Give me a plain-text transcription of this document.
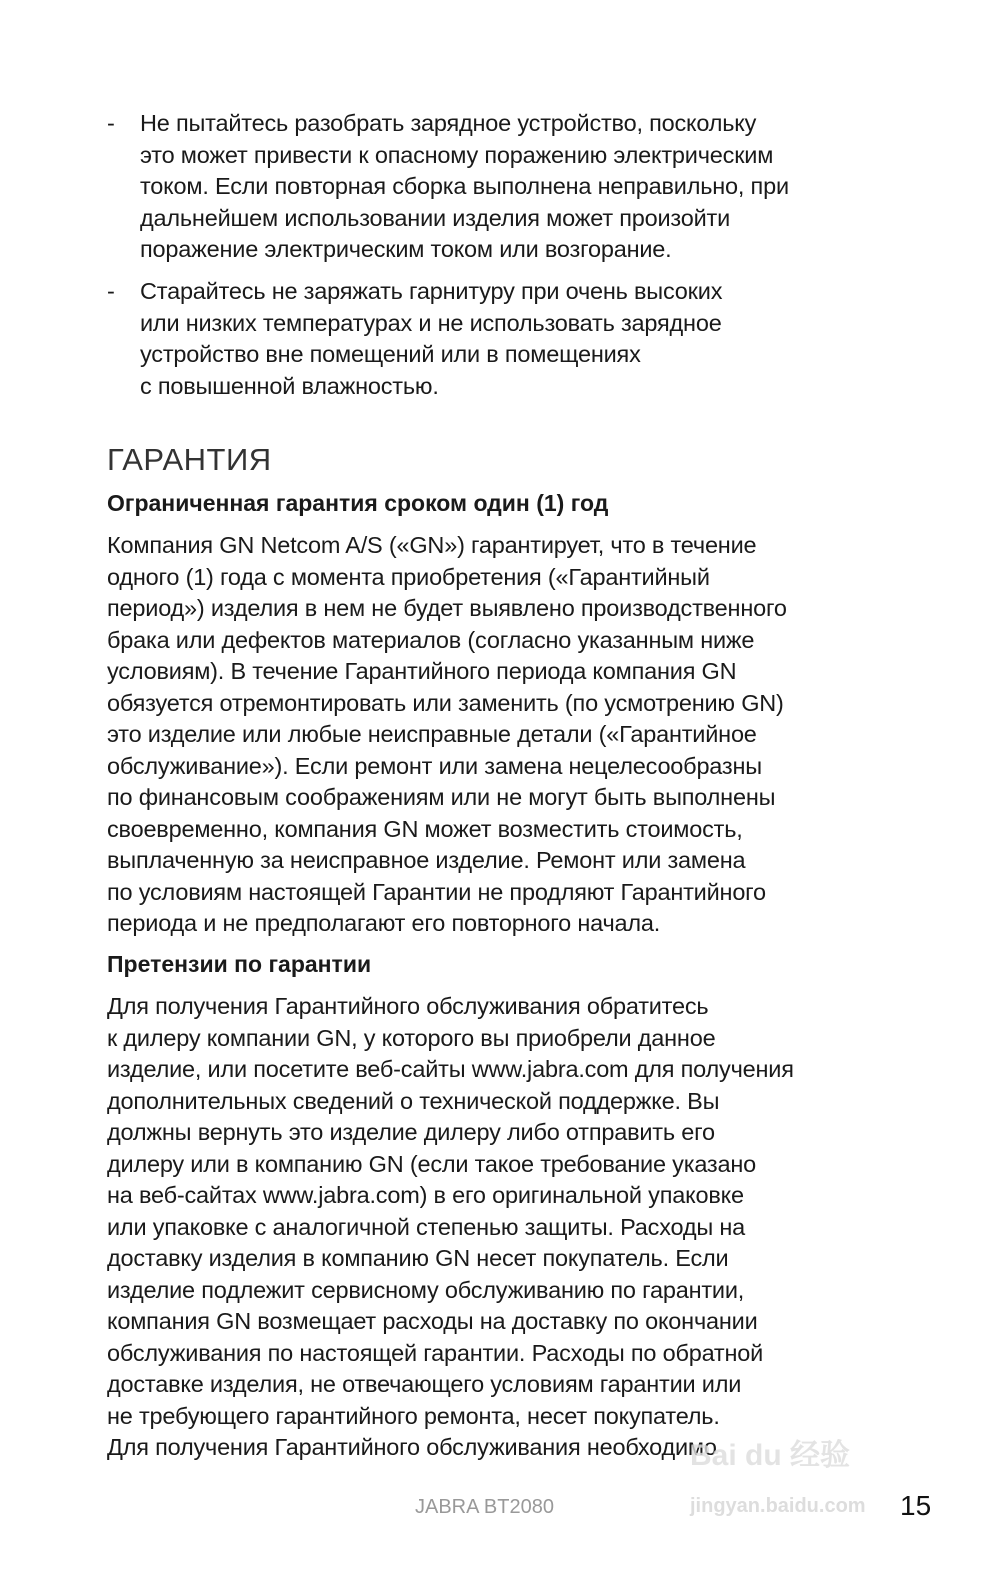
- Не пытайтесь разобрать зарядное устройство, поскольку
это может привести к опасному поражению электрическим
током. Если повторная сборка выполнена неправильно, при
дальнейшем использовании изделия может произойти
поражение электрическим током или возгорание.
- Старайтесь не заряжать гарнитуру при очень высоких
или низких температурах и не использовать зарядное
устройство вне помещений или в помещениях
с повышенной влажностью.
ГАРАНТИЯ
Ограниченная гарантия сроком один (1) год
Компания GN Netcom A/S («GN») гарантирует, что в течение
одного (1) года с момента приобретения («Гарантийный
период») изделия в нем не будет выявлено производственного
брака или дефектов материалов (согласно указанным ниже
условиям). В течение Гарантийного периода компания GN
обязуется отремонтировать или заменить (по усмотрению GN)
это изделие или любые неисправные детали («Гарантийное
обслуживание»). Если ремонт или замена нецелесообразны
по финансовым соображениям или не могут быть выполнены
своевременно, компания GN может возместить стоимость,
выплаченную за неисправное изделие. Ремонт или замена
по условиям настоящей Гарантии не продляют Гарантийного
периода и не предполагают его повторного начала.
Претензии по гарантии
Для получения Гарантийного обслуживания обратитесь
к дилеру компании GN, у которого вы приобрели данное
изделие, или посетите веб-сайты www.jabra.com для получения
дополнительных сведений о технической поддержке. Вы
должны вернуть это изделие дилеру либо отправить его
дилеру или в компанию GN (если такое требование указано
на веб-сайтах www.jabra.com) в его оригинальной упаковке
или упаковке с аналогичной степенью защиты. Расходы на
доставку изделия в компанию GN несет покупатель. Если
изделие подлежит сервисному обслуживанию по гарантии,
компания GN возмещает расходы на доставку по окончании
обслуживания по настоящей гарантии. Расходы по обратной
доставке изделия, не отвечающего условиям гарантии или
не требующего гарантийного ремонта, несет покупатель.
Для получения Гарантийного обслуживания необходимо
Bai du 经验
jingyan.baidu.com
JABRA BT2080	15
